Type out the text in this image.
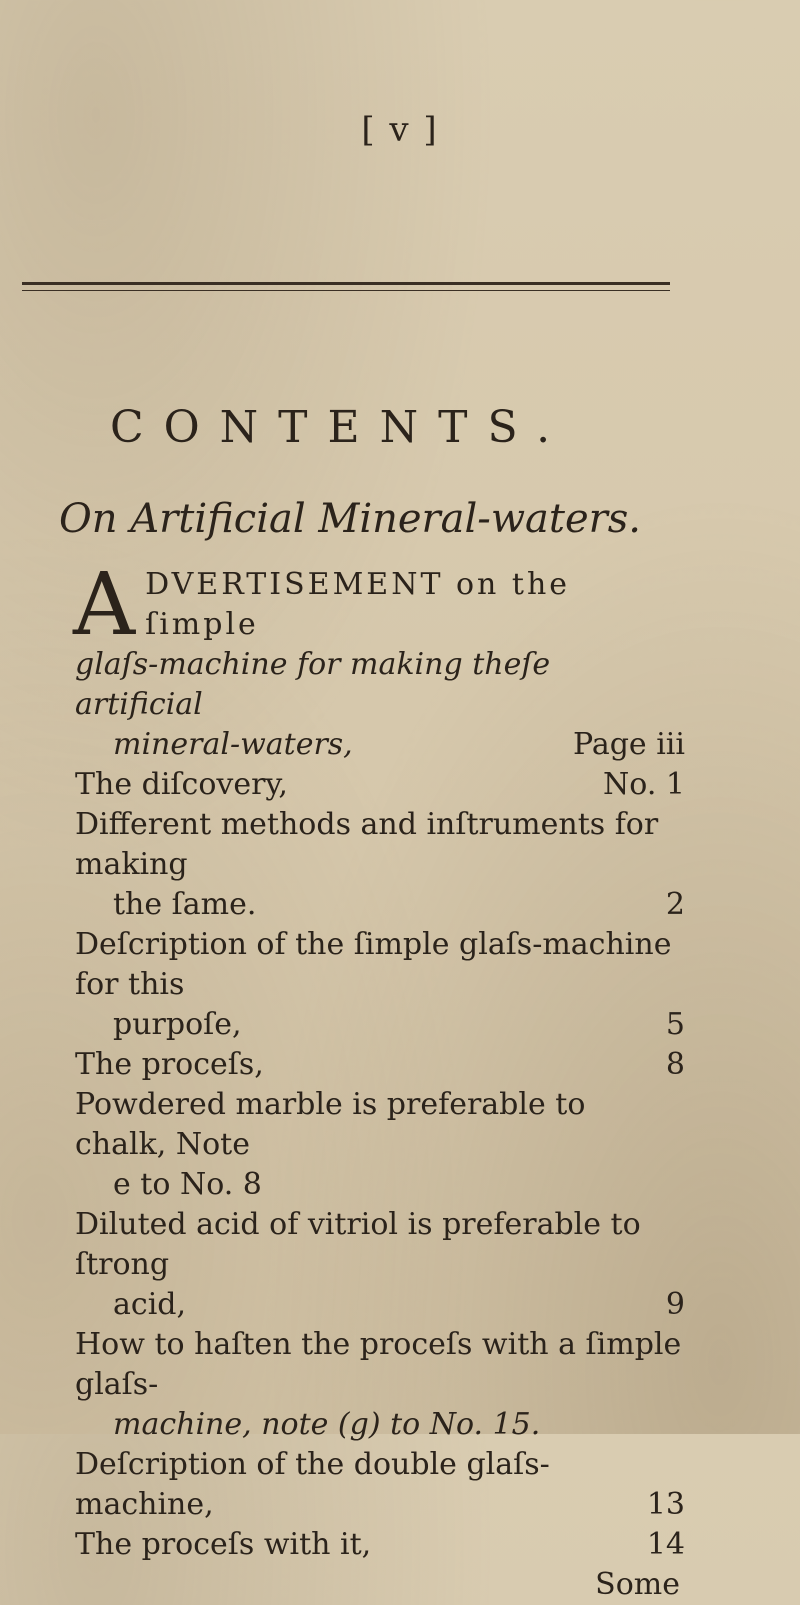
[ v ]
CONTENTS.
On Artificial Mineral-waters.
A DVERTISEMENT on the ſimple
glaſs-machine for making theſe artificial
mineral-waters,	Page iii
The diſcovery,	No. 1
Different methods and inſtruments for making
the ſame.	2
Deſcription of the ſimple glaſs-machine for this
purpoſe,	5
The proceſs,	8
Powdered marble is preferable to chalk, Note
e to No. 8
Diluted acid of vitriol is preferable to ſtrong
acid,	9
How to haſten the proceſs with a ſimple glaſs-
machine, note (g) to No. 15.
Deſcription of the double glaſs-machine,	13
The proceſs with it,	14
Some
